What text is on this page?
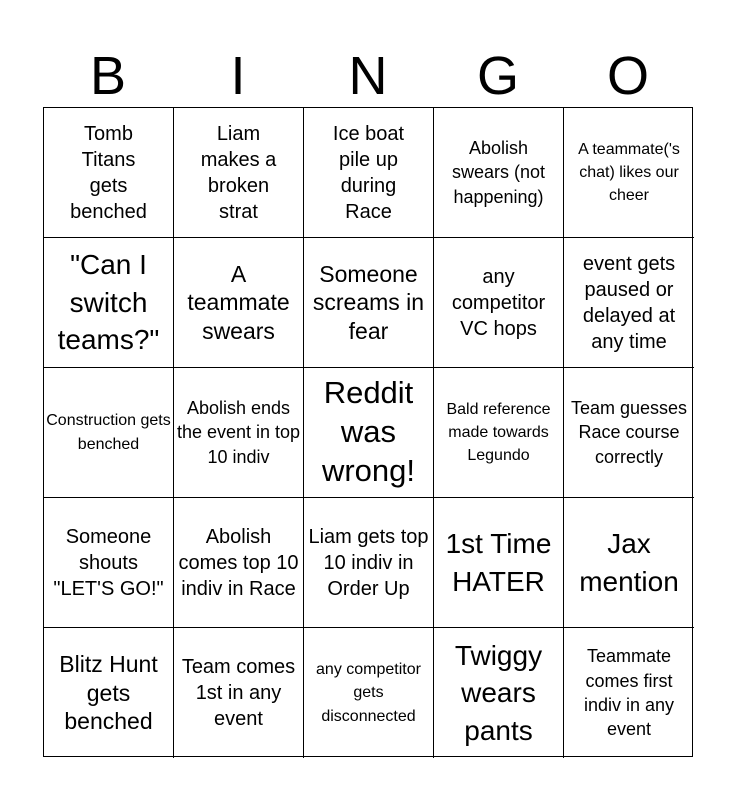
B	I	N	G	O
Tomb Titans gets benched
Liam makes a broken strat
Ice boat pile up during Race
Abolish swears (not happening)
A teammate('s chat) likes our cheer
"Can I switch teams?"
A teammate swears
Someone screams in fear
any competitor VC hops
event gets paused or delayed at any time
Construction gets benched
Abolish ends the event in top 10 indiv
Reddit was wrong!
Bald reference made towards Legundo
Team guesses Race course correctly
Someone shouts "LET'S GO!"
Abolish comes top 10 indiv in Race
Liam gets top 10 indiv in Order Up
1st Time HATER
Jax mention
Blitz Hunt gets benched
Team comes 1st in any event
any competitor gets disconnected
Twiggy wears pants
Teammate comes first indiv in any event
